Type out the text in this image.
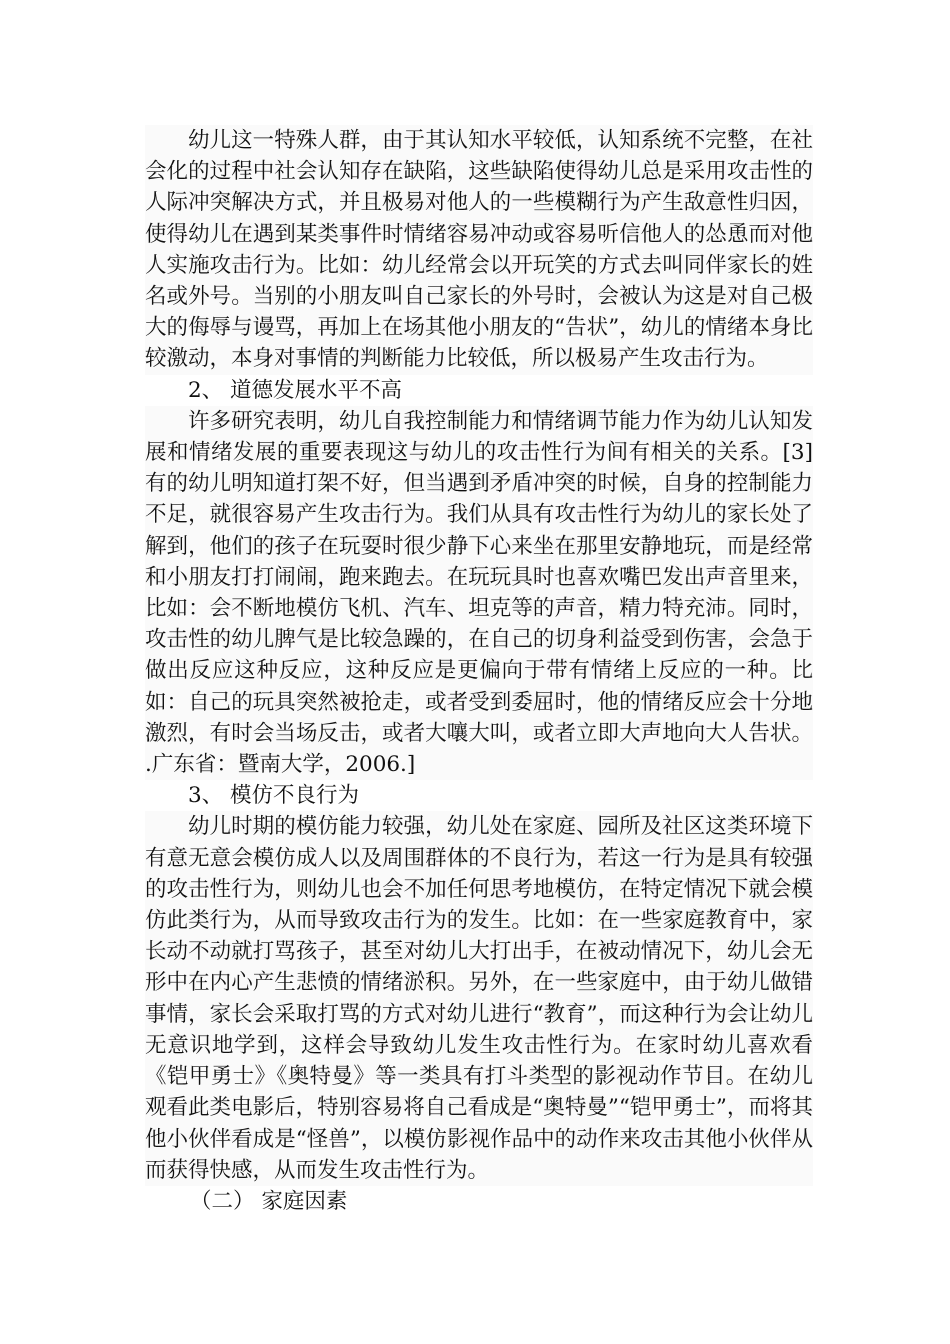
幼儿这一特殊人群，由于其认知水平较低，认知系统不完整，在社会化的过程中社会认知存在缺陷，这些缺陷使得幼儿总是采用攻击性的人际冲突解决方式，并且极易对他人的一些模糊行为产生敌意性归因，使得幼儿在遇到某类事件时情绪容易冲动或容易听信他人的怂恿而对他人实施攻击行为。比如：幼儿经常会以开玩笑的方式去叫同伴家长的姓名或外号。当别的小朋友叫自己家长的外号时，会被认为这是对自己极大的侮辱与谩骂，再加上在场其他小朋友的“告状”，幼儿的情绪本身比较激动，本身对事情的判断能力比较低，所以极易产生攻击行为。

2、 道德发展水平不高

许多研究表明，幼儿自我控制能力和情绪调节能力作为幼儿认知发展和情绪发展的重要表现这与幼儿的攻击性行为间有相关的关系。[3]有的幼儿明知道打架不好，但当遇到矛盾冲突的时候，自身的控制能力不足，就很容易产生攻击行为。我们从具有攻击性行为幼儿的家长处了解到，他们的孩子在玩耍时很少静下心来坐在那里安静地玩，而是经常和小朋友打打闹闹，跑来跑去。在玩玩具时也喜欢嘴巴发出声音里来，比如：会不断地模仿飞机、汽车、坦克等的声音，精力特充沛。同时，攻击性的幼儿脾气是比较急躁的，在自己的切身利益受到伤害，会急于做出反应这种反应，这种反应是更偏向于带有情绪上反应的一种。比如：自己的玩具突然被抢走，或者受到委屈时，他的情绪反应会十分地激烈，有时会当场反击，或者大嚷大叫，或者立即大声地向大人告状。 .广东省：暨南大学，2006.]

3、 模仿不良行为

幼儿时期的模仿能力较强，幼儿处在家庭、园所及社区这类环境下有意无意会模仿成人以及周围群体的不良行为，若这一行为是具有较强的攻击性行为，则幼儿也会不加任何思考地模仿，在特定情况下就会模仿此类行为，从而导致攻击行为的发生。比如：在一些家庭教育中，家长动不动就打骂孩子，甚至对幼儿大打出手，在被动情况下，幼儿会无形中在内心产生悲愤的情绪淤积。另外，在一些家庭中，由于幼儿做错事情，家长会采取打骂的方式对幼儿进行“教育”，而这种行为会让幼儿无意识地学到，这样会导致幼儿发生攻击性行为。在家时幼儿喜欢看《铠甲勇士》《奥特曼》等一类具有打斗类型的影视动作节目。在幼儿观看此类电影后，特别容易将自己看成是“奥特曼”“铠甲勇士”，而将其他小伙伴看成是“怪兽”，以模仿影视作品中的动作来攻击其他小伙伴从而获得快感，从而发生攻击性行为。

（二） 家庭因素
